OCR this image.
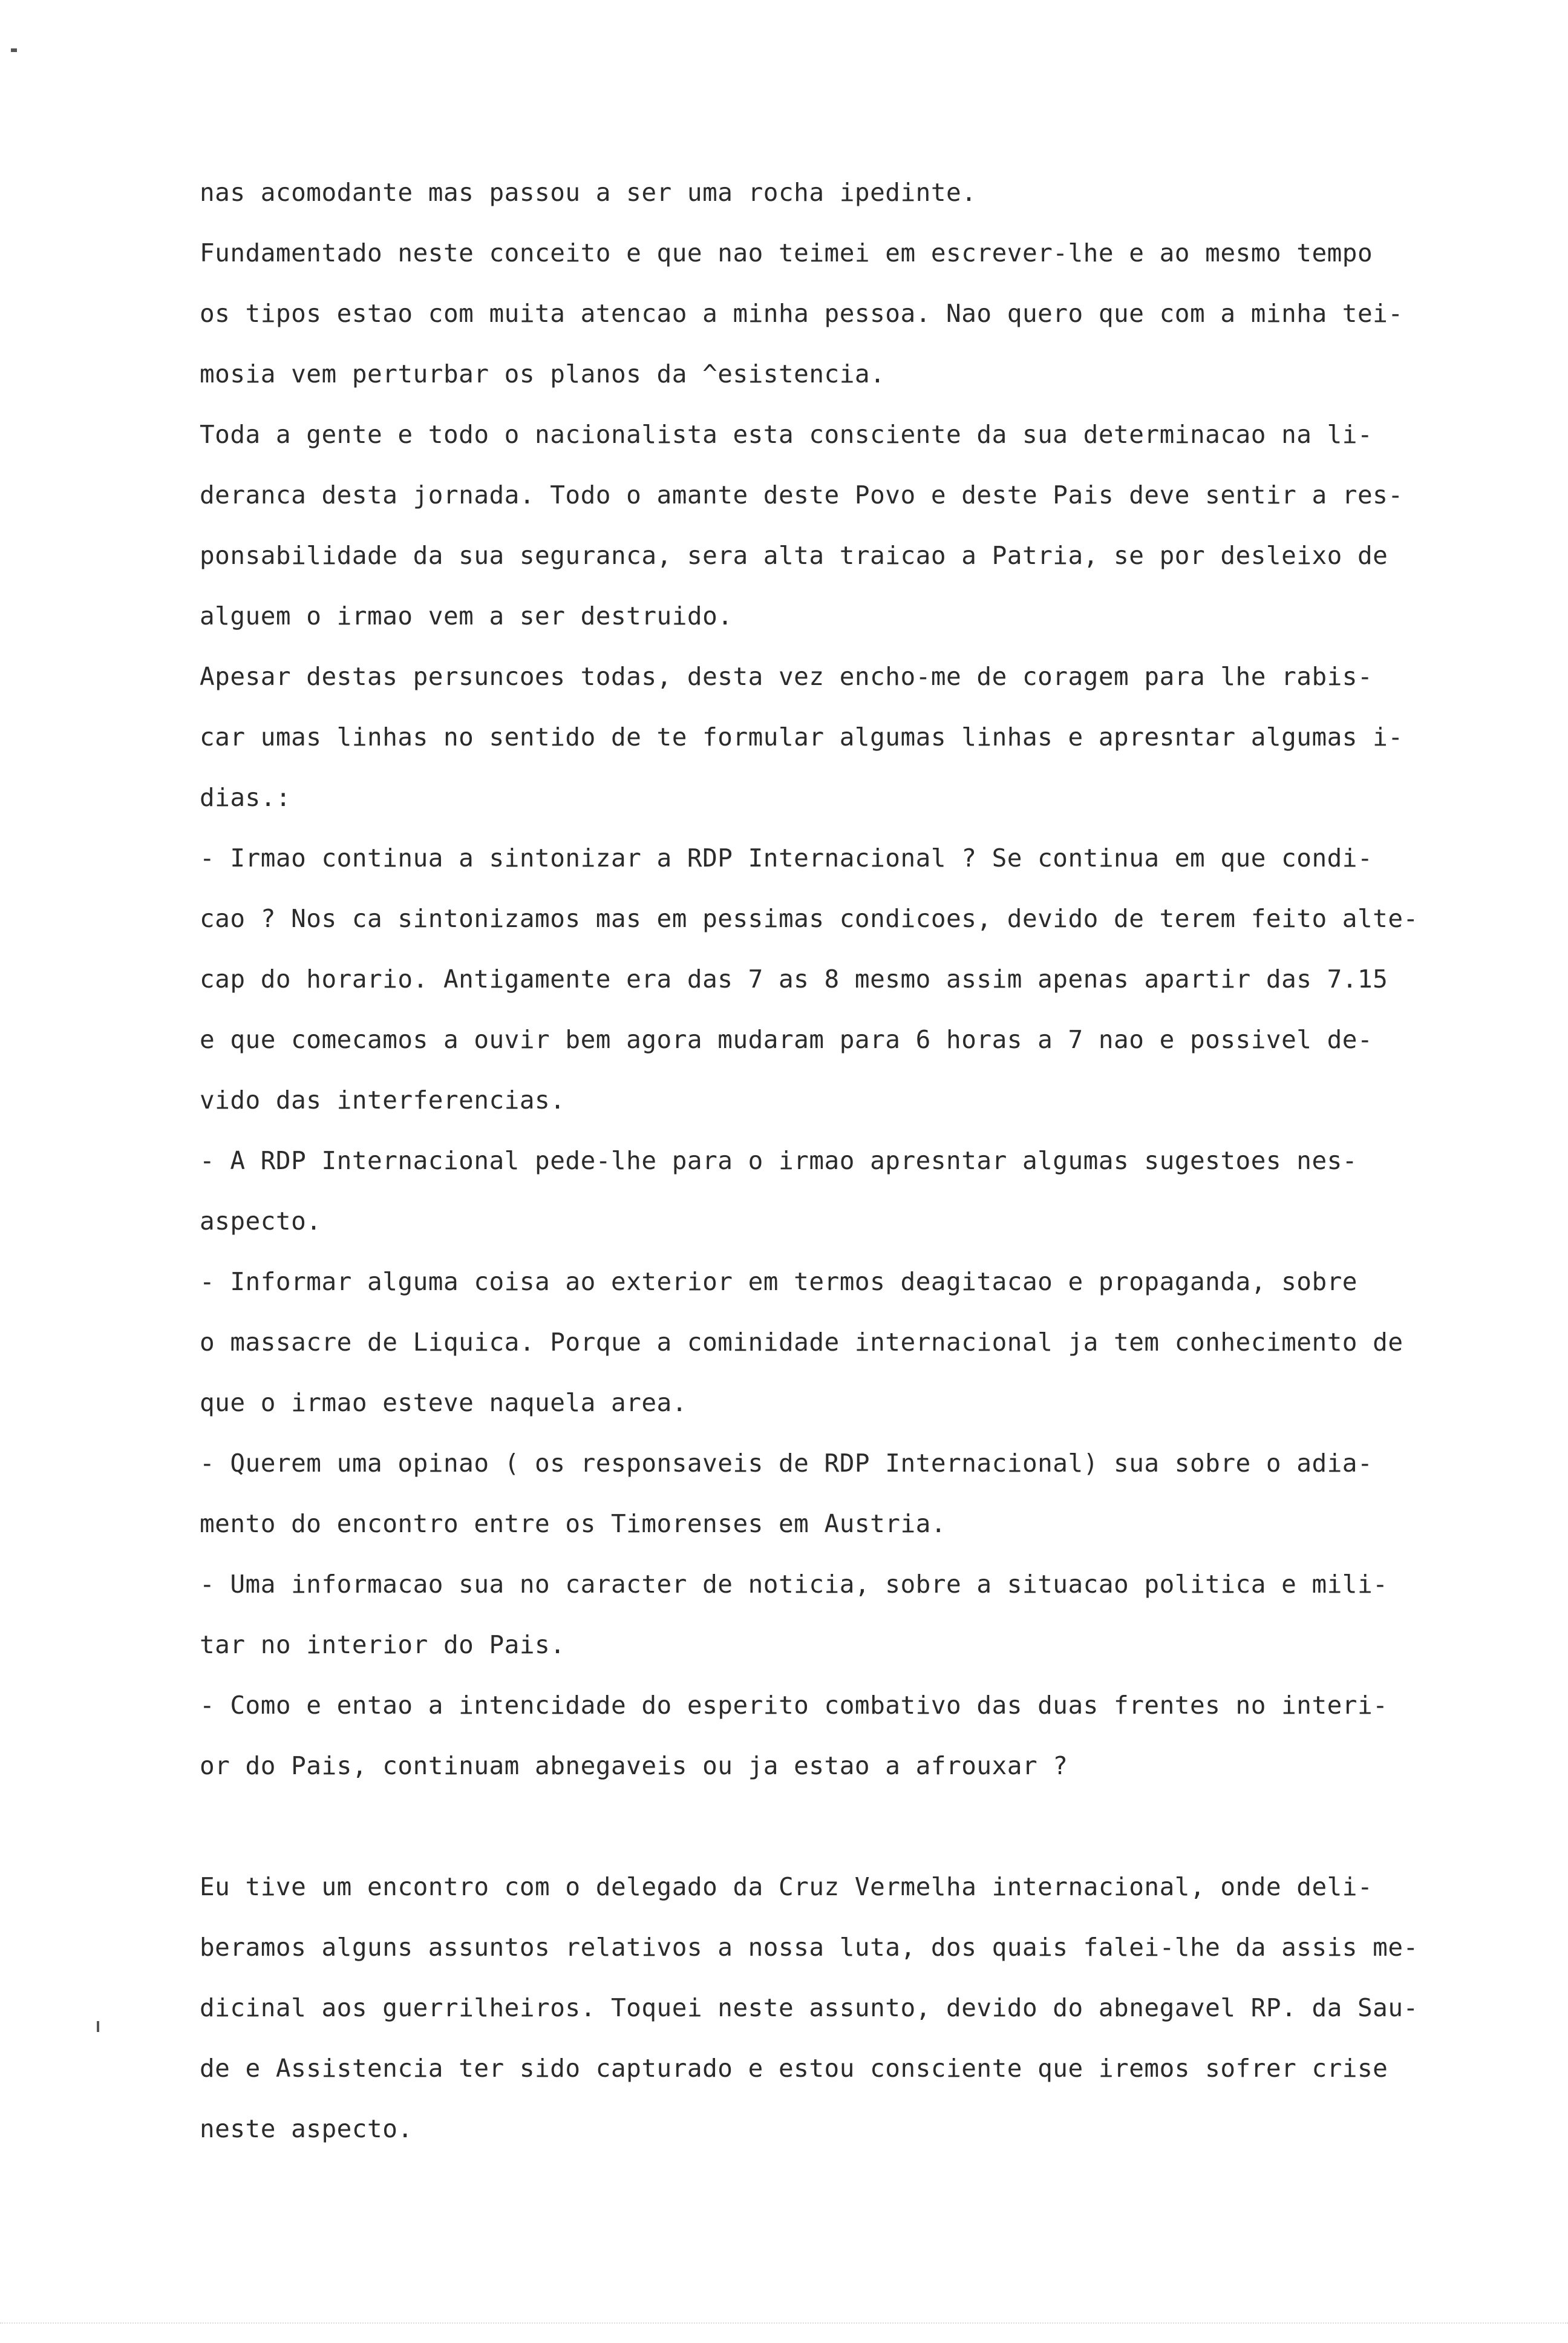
nas acomodante mas passou a ser uma rocha ipedinte.
Fundamentado neste conceito e que nao teimei em escrever-lhe e ao mesmo tempo
os tipos estao com muita atencao a minha pessoa. Nao quero que com a minha tei-
mosia vem perturbar os planos da ^esistencia.
Toda a gente e todo o nacionalista esta consciente da sua determinacao na li-
deranca desta jornada. Todo o amante deste Povo e deste Pais deve sentir a res-
ponsabilidade da sua seguranca, sera alta traicao a Patria, se por desleixo de
alguem o irmao vem a ser destruido.
Apesar destas persuncoes todas, desta vez encho-me de coragem para lhe rabis-
car umas linhas no sentido de te formular algumas linhas e apresntar algumas i-
dias.:
- Irmao continua a sintonizar a RDP Internacional ? Se continua em que condi-
cao ? Nos ca sintonizamos mas em pessimas condicoes, devido de terem feito alte-
cap do horario. Antigamente era das 7 as 8 mesmo assim apenas apartir das 7.15
e que comecamos a ouvir bem agora mudaram para 6 horas a 7 nao e possivel de-
vido das interferencias.
- A RDP Internacional pede-lhe para o irmao apresntar algumas sugestoes nes-
aspecto.
- Informar alguma coisa ao exterior em termos deagitacao e propaganda, sobre
o massacre de Liquica. Porque a cominidade internacional ja tem conhecimento de
que o irmao esteve naquela area.
- Querem uma opinao ( os responsaveis de RDP Internacional) sua sobre o adia-
mento do encontro entre os Timorenses em Austria.
- Uma informacao sua no caracter de noticia, sobre a situacao politica e mili-
tar no interior do Pais.
- Como e entao a intencidade do esperito combativo das duas frentes no interi-
or do Pais, continuam abnegaveis ou ja estao a afrouxar ?
Eu tive um encontro com o delegado da Cruz Vermelha internacional, onde deli-
beramos alguns assuntos relativos a nossa luta, dos quais falei-lhe da assis me-
dicinal aos guerrilheiros. Toquei neste assunto, devido do abnegavel RP. da Sau-
de e Assistencia ter sido capturado e estou consciente que iremos sofrer crise
neste aspecto.
